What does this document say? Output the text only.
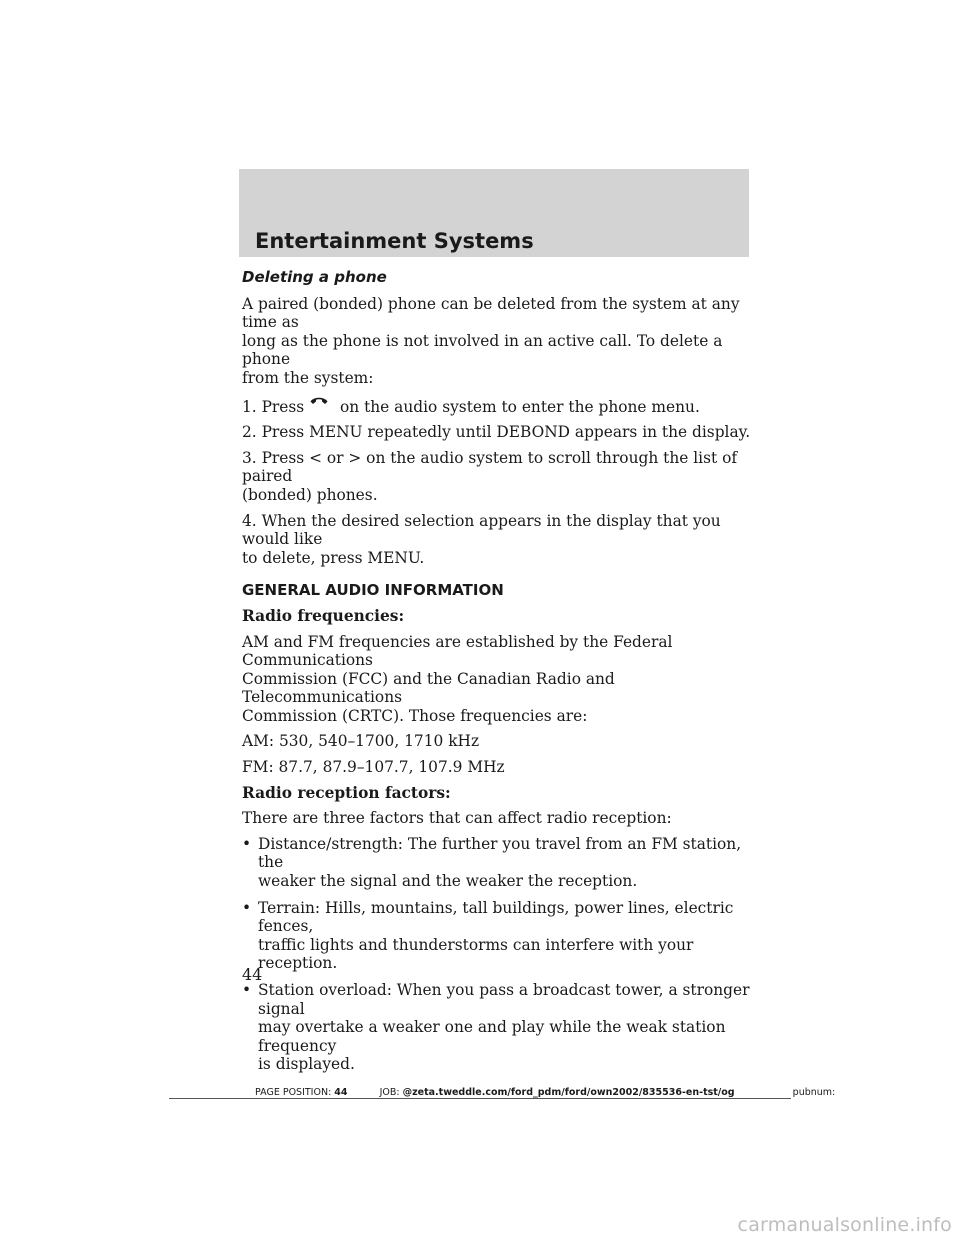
Entertainment Systems
Deleting a phone

A paired (bonded) phone can be deleted from the system at any time as
long as the phone is not involved in an active call. To delete a phone
from the system:

1. Press on the audio system to enter the phone menu.

2. Press MENU repeatedly until DEBOND appears in the display.

3. Press < or > on the audio system to scroll through the list of paired
(bonded) phones.

4. When the desired selection appears in the display that you would like
to delete, press MENU.

GENERAL AUDIO INFORMATION

Radio frequencies:

AM and FM frequencies are established by the Federal Communications
Commission (FCC) and the Canadian Radio and Telecommunications
Commission (CRTC). Those frequencies are:

AM: 530, 540–1700, 1710 kHz

FM: 87.7, 87.9–107.7, 107.9 MHz

Radio reception factors:

There are three factors that can affect radio reception:

• Distance/strength: The further you travel from an FM station, the
weaker the signal and the weaker the reception.
• Terrain: Hills, mountains, tall buildings, power lines, electric fences,
traffic lights and thunderstorms can interfere with your reception.
• Station overload: When you pass a broadcast tower, a stronger signal
may overtake a weaker one and play while the weak station frequency
is displayed.

44

PAGE POSITION: 44	JOB: @zeta.tweddle.com/ford_pdm/ford/own2002/835536-en-tst/og	pubnum:

carmanualsonline.info
